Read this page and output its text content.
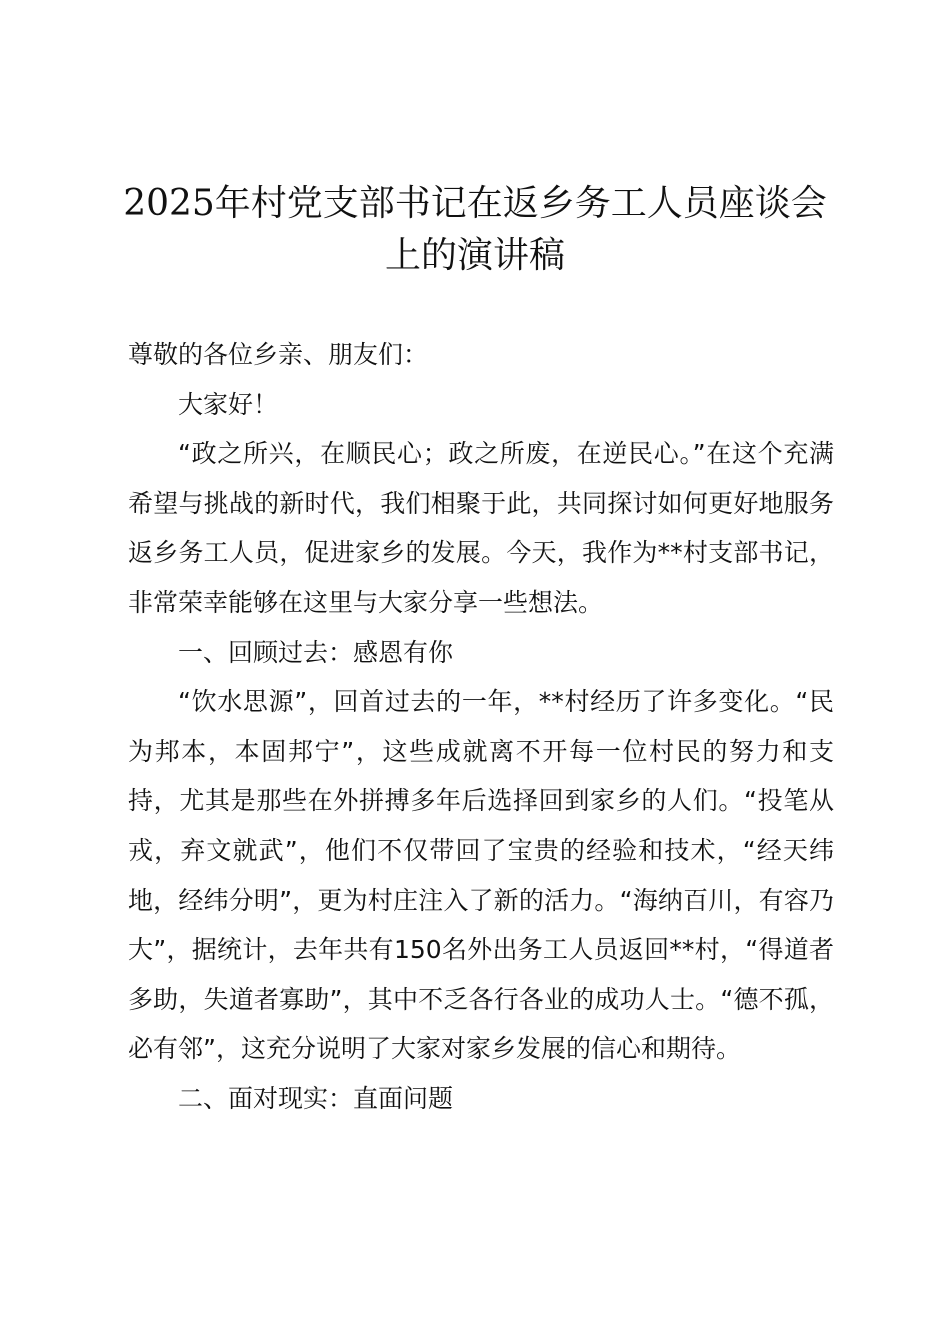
2025年村党支部书记在返乡务工人员座谈会
上的演讲稿

尊敬的各位乡亲、朋友们：

大家好！

“政之所兴，在顺民心；政之所废，在逆民心。”在这个充满希望与挑战的新时代，我们相聚于此，共同探讨如何更好地服务返乡务工人员，促进家乡的发展。今天，我作为**村支部书记，非常荣幸能够在这里与大家分享一些想法。

一、回顾过去：感恩有你

“饮水思源”，回首过去的一年，**村经历了许多变化。“民为邦本，本固邦宁”，这些成就离不开每一位村民的努力和支持，尤其是那些在外拼搏多年后选择回到家乡的人们。“投笔从戎，弃文就武”，他们不仅带回了宝贵的经验和技术，“经天纬地，经纬分明”，更为村庄注入了新的活力。“海纳百川，有容乃大”，据统计，去年共有150名外出务工人员返回**村，“得道者多助，失道者寡助”，其中不乏各行各业的成功人士。“德不孤，必有邻”，这充分说明了大家对家乡发展的信心和期待。

二、面对现实：直面问题
